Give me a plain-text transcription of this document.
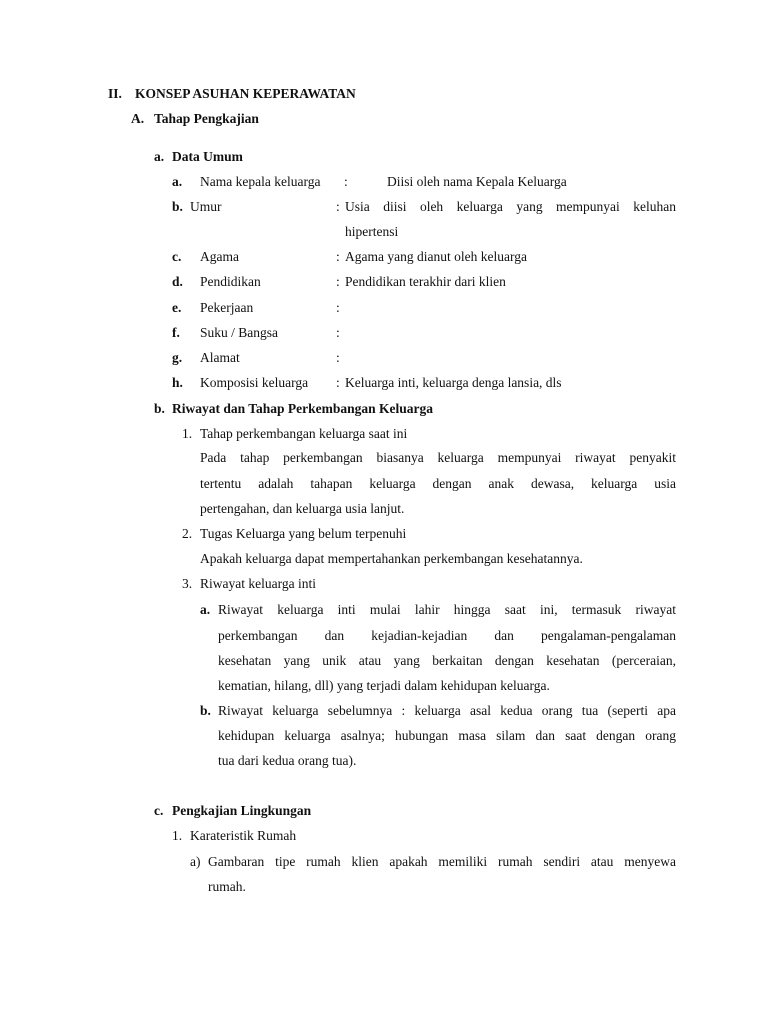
II. KONSEP ASUHAN KEPERAWATAN
A. Tahap Pengkajian
a. Data Umum
a. Nama kepala keluarga :	Diisi oleh nama Kepala Keluarga
b. Umur	: Usia diisi oleh keluarga yang mempunyai keluhan
hipertensi
c. Agama	: Agama yang dianut oleh keluarga
d. Pendidikan	: Pendidikan terakhir dari klien
e. Pekerjaan	:
f. Suku / Bangsa	:
g. Alamat	:
h. Komposisi keluarga : Keluarga inti, keluarga denga lansia, dls
b. Riwayat dan Tahap Perkembangan Keluarga
1. Tahap perkembangan keluarga saat ini
Pada tahap perkembangan biasanya keluarga mempunyai riwayat penyakit
tertentu adalah tahapan keluarga dengan anak dewasa, keluarga usia
pertengahan, dan keluarga usia lanjut.
2. Tugas Keluarga yang belum terpenuhi
Apakah keluarga dapat mempertahankan perkembangan kesehatannya.
3. Riwayat keluarga inti
a. Riwayat keluarga inti mulai lahir hingga saat ini, termasuk riwayat
perkembangan dan kejadian-kejadian dan pengalaman-pengalaman
kesehatan yang unik atau yang berkaitan dengan kesehatan (perceraian,
kematian, hilang, dll) yang terjadi dalam kehidupan keluarga.
b. Riwayat keluarga sebelumnya : keluarga asal kedua orang tua (seperti apa
kehidupan keluarga asalnya; hubungan masa silam dan saat dengan orang
tua dari kedua orang tua).
c. Pengkajian Lingkungan
1. Karateristik Rumah
a) Gambaran tipe rumah klien apakah memiliki rumah sendiri atau menyewa
rumah.
